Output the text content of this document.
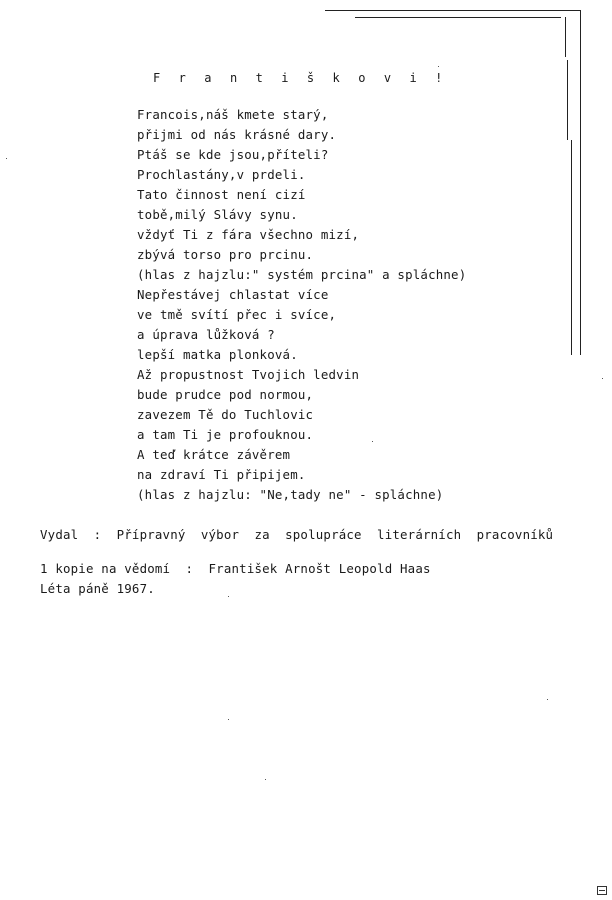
F r a n t i š k o v i !
Francois,náš kmete starý,
přijmi od nás krásné dary.
Ptáš se kde jsou,příteli?
Prochlastány,v prdeli.
Tato činnost není cizí
tobě,milý Slávy synu.
vždyť Ti z fára všechno mizí,
zbývá torso pro prcinu.
(hlas z hajzlu:" systém prcina" a spláchne)
Nepřestávej chlastat více
ve tmě svítí přec i svíce,
a úprava lůžková ?
lepší matka plonková.
Až propustnost Tvojich ledvin
bude prudce pod normou,
zavezem Tě do Tuchlovic
a tam Ti je profouknou.
A teď krátce závěrem
na zdraví Ti připijem.
(hlas z hajzlu: "Ne,tady ne" - spláchne)
Vydal  :  Přípravný  výbor  za  spolupráce  literárních  pracovníků
1 kopie na vědomí  :  František Arnošt Leopold Haas
Léta páně 1967.
